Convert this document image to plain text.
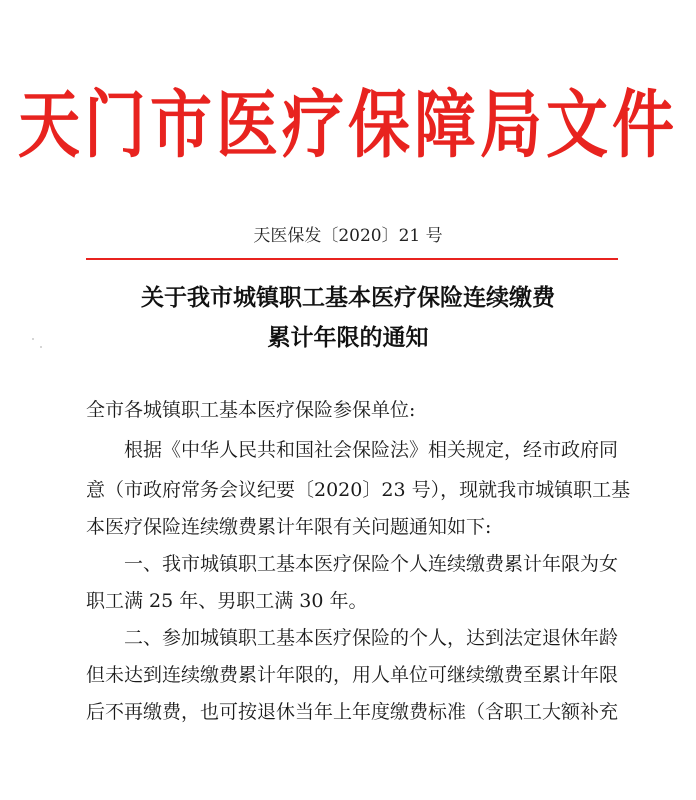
天门市医疗保障局文件
天医保发〔2020〕21 号
关于我市城镇职工基本医疗保险连续缴费
累计年限的通知
全市各城镇职工基本医疗保险参保单位:
根据《中华人民共和国社会保险法》相关规定，经市政府同
意（市政府常务会议纪要〔2020〕23 号），现就我市城镇职工基
本医疗保险连续缴费累计年限有关问题通知如下:
一、我市城镇职工基本医疗保险个人连续缴费累计年限为女
职工满 25 年、男职工满 30 年。
二、参加城镇职工基本医疗保险的个人，达到法定退休年龄
但未达到连续缴费累计年限的，用人单位可继续缴费至累计年限
后不再缴费，也可按退休当年上年度缴费标准（含职工大额补充
